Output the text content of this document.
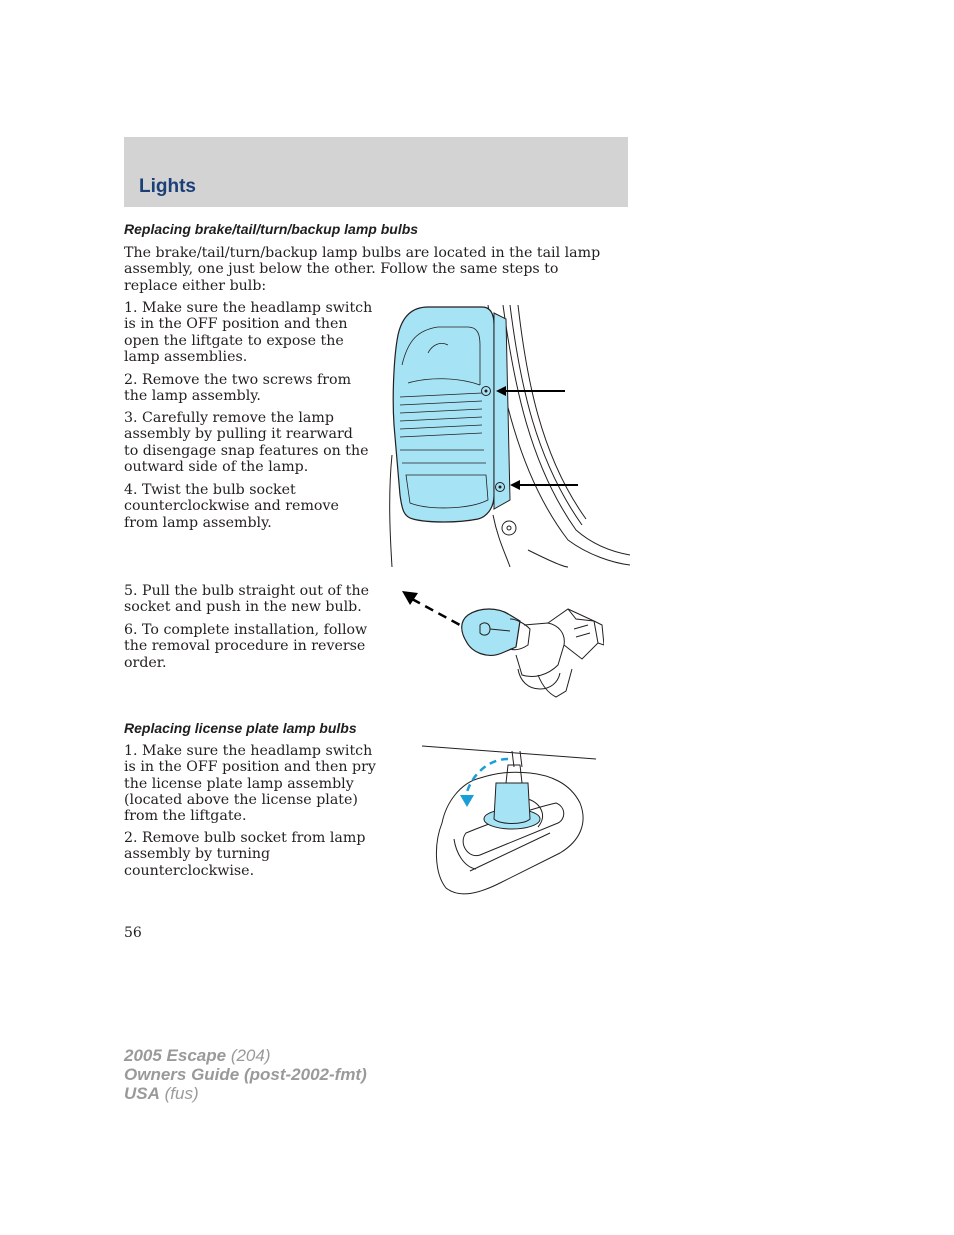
Lights
Replacing brake/tail/turn/backup lamp bulbs

The brake/tail/turn/backup lamp bulbs are located in the tail lamp assembly, one just below the other. Follow the same steps to replace either bulb:

1. Make sure the headlamp switch is in the OFF position and then open the liftgate to expose the lamp assemblies.

2. Remove the two screws from the lamp assembly.

3. Carefully remove the lamp assembly by pulling it rearward to disengage snap features on the outward side of the lamp.

4. Twist the bulb socket counterclockwise and remove from lamp assembly.

5. Pull the bulb straight out of the socket and push in the new bulb.

6. To complete installation, follow the removal procedure in reverse order.

Replacing license plate lamp bulbs

1. Make sure the headlamp switch is in the OFF position and then pry the license plate lamp assembly (located above the license plate) from the liftgate.

2. Remove bulb socket from lamp assembly by turning counterclockwise.

56
2005 Escape (204)
Owners Guide (post-2002-fmt)
USA (fus)
